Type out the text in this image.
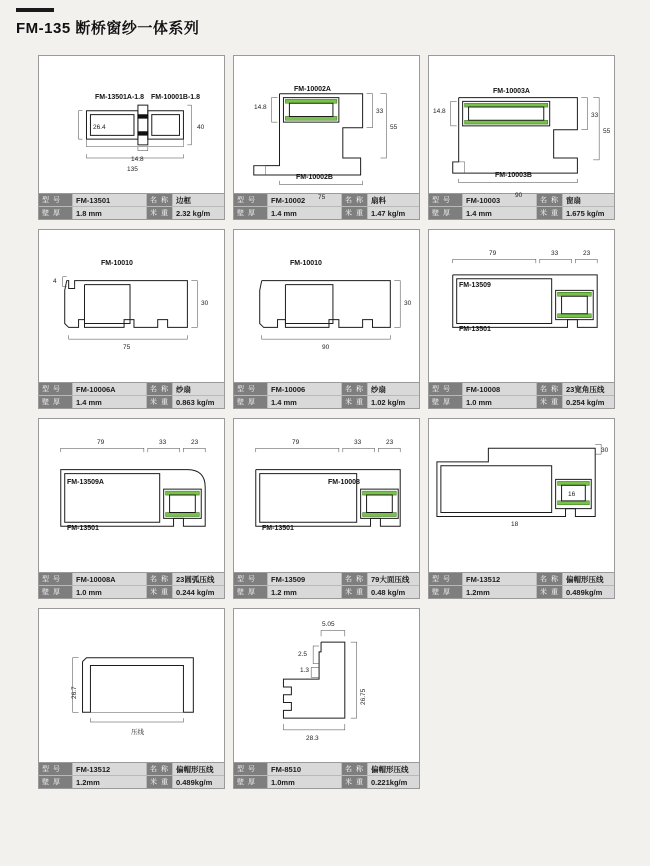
FM-135 断桥窗纱一体系列
FM-13501A-1.8 FM-10001B-1.8
26.4	40
135
14.8
型 号	FM-13501	名 称 边框
壁 厚	1.8 mm	米 重 2.32 kg/m
FM-10002A
FM-10002B
14.8
33
55
75
型 号	FM-10002	名 称 扇料
壁 厚	1.4 mm	米 重 1.47 kg/m
FM-10003A
FM-10003B
14.8
33
55
90
型 号	FM-10003	名 称 窗扇
壁 厚	1.4 mm	米 重 1.675 kg/m
FM-10010
4
30
75
型 号	FM-10006A	名 称 纱扇
壁 厚	1.4 mm	米 重 0.863 kg/m
FM-10010
30
90
型 号	FM-10006	名 称 纱扇
壁 厚	1.4 mm	米 重 1.02 kg/m
FM-13509
FM-13501
79	33	23
型 号	FM-10008	名 称 23宽角压线
壁 厚	1.0 mm	米 重 0.254 kg/m
FM-13509A
FM-13501
79	33	23
型 号	FM-10008A	名 称 23圆弧压线
壁 厚	1.0 mm	米 重 0.244 kg/m
FM-10008
FM-13501
79	33	23
型 号	FM-13509	名 称 79大面压线
壁 厚	1.2 mm	米 重 0.48 kg/m
30
16
18
型 号	FM-13512	名 称 偏帽形压线
壁 厚	1.2mm	米 重 0.489kg/m
26.7
压线
型 号	FM-13512	名 称 偏帽形压线
壁 厚	1.2mm	米 重 0.489kg/m
5.05
2.5
1.3
26.75
28.3
型 号	FM-8510	名 称 偏帽形压线
壁 厚	1.0mm	米 重 0.221kg/m
